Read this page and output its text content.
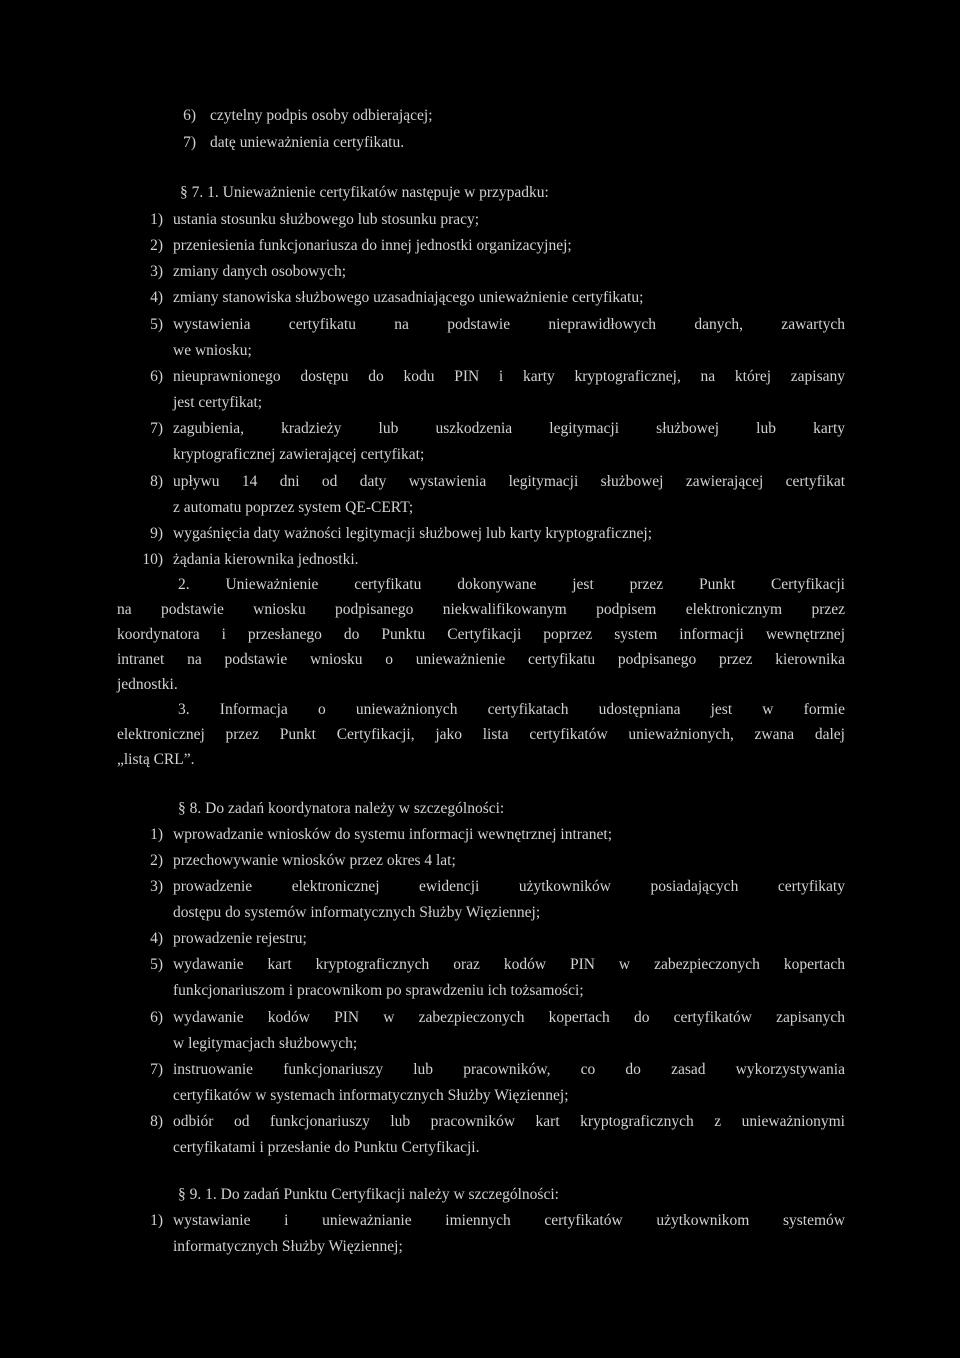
6) czytelny podpis osoby odbierającej;

7) datę unieważnienia certyfikatu.

§ 7. 1. Unieważnienie certyfikatów następuje w przypadku:

1) ustania stosunku służbowego lub stosunku pracy;

2) przeniesienia funkcjonariusza do innej jednostki organizacyjnej;

3) zmiany danych osobowych;

4) zmiany stanowiska służbowego uzasadniającego unieważnienie certyfikatu;

5) wystawienia certyfikatu na podstawie nieprawidłowych danych, zawartych

we wniosku;

6) nieuprawnionego dostępu do kodu PIN i karty kryptograficznej, na której zapisany

jest certyfikat;

7) zagubienia, kradzieży lub uszkodzenia legitymacji służbowej lub karty

kryptograficznej zawierającej certyfikat;

8) upływu 14 dni od daty wystawienia legitymacji służbowej zawierającej certyfikat

z automatu poprzez system QE-CERT;

9) wygaśnięcia daty ważności legitymacji służbowej lub karty kryptograficznej;

10) żądania kierownika jednostki.

2. Unieważnienie certyfikatu dokonywane jest przez Punkt Certyfikacji

na podstawie wniosku podpisanego niekwalifikowanym podpisem elektronicznym przez

koordynatora i przesłanego do Punktu Certyfikacji poprzez system informacji wewnętrznej

intranet na podstawie wniosku o unieważnienie certyfikatu podpisanego przez kierownika

jednostki.

3. Informacja o unieważnionych certyfikatach udostępniana jest w formie

elektronicznej przez Punkt Certyfikacji, jako lista certyfikatów unieważnionych, zwana dalej

„listą CRL”.

§ 8. Do zadań koordynatora należy w szczególności:

1) wprowadzanie wniosków do systemu informacji wewnętrznej intranet;

2) przechowywanie wniosków przez okres 4 lat;

3) prowadzenie elektronicznej ewidencji użytkowników posiadających certyfikaty

dostępu do systemów informatycznych Służby Więziennej;

4) prowadzenie rejestru;

5) wydawanie kart kryptograficznych oraz kodów PIN w zabezpieczonych kopertach

funkcjonariuszom i pracownikom po sprawdzeniu ich tożsamości;

6) wydawanie kodów PIN w zabezpieczonych kopertach do certyfikatów zapisanych

w legitymacjach służbowych;

7) instruowanie funkcjonariuszy lub pracowników, co do zasad wykorzystywania

certyfikatów w systemach informatycznych Służby Więziennej;

8) odbiór od funkcjonariuszy lub pracowników kart kryptograficznych z unieważnionymi

certyfikatami i przesłanie do Punktu Certyfikacji.

§ 9. 1. Do zadań Punktu Certyfikacji należy w szczególności:

1) wystawianie i unieważnianie imiennych certyfikatów użytkownikom systemów

informatycznych Służby Więziennej;
